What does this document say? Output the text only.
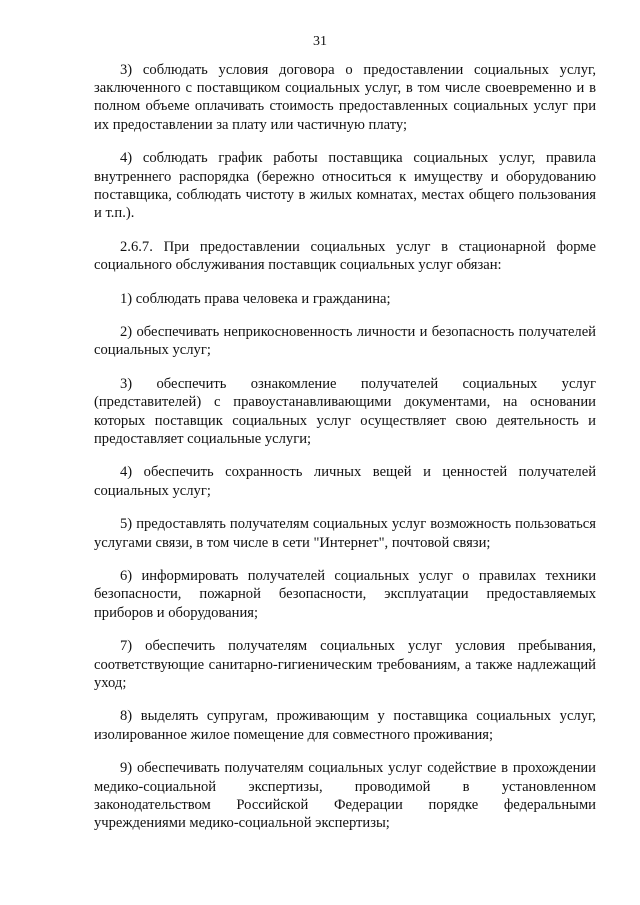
31

3) соблюдать условия договора о предоставлении социальных услуг, заключенного с поставщиком социальных услуг, в том числе своевременно и в полном объеме оплачивать стоимость предоставленных социальных услуг при их предоставлении за плату или частичную плату;

4) соблюдать график работы поставщика социальных услуг, правила внутреннего распорядка (бережно относиться к имуществу и оборудованию поставщика, соблюдать чистоту в жилых комнатах, местах общего пользования и т.п.).

2.6.7. При предоставлении социальных услуг в стационарной форме социального обслуживания поставщик социальных услуг обязан:

1) соблюдать права человека и гражданина;

2) обеспечивать неприкосновенность личности и безопасность получателей социальных услуг;

3) обеспечить ознакомление получателей социальных услуг (представителей) с правоустанавливающими документами, на основании которых поставщик социальных услуг осуществляет свою деятельность и предоставляет социальные услуги;

4) обеспечить сохранность личных вещей и ценностей получателей социальных услуг;

5) предоставлять получателям социальных услуг возможность пользоваться услугами связи, в том числе в сети "Интернет", почтовой связи;

6) информировать получателей социальных услуг о правилах техники безопасности, пожарной безопасности, эксплуатации предоставляемых приборов и оборудования;

7) обеспечить получателям социальных услуг условия пребывания, соответствующие санитарно-гигиеническим требованиям, а также надлежащий уход;

8) выделять супругам, проживающим у поставщика социальных услуг, изолированное жилое помещение для совместного проживания;

9) обеспечивать получателям социальных услуг содействие в прохождении медико-социальной экспертизы, проводимой в установленном законодательством Российской Федерации порядке федеральными учреждениями медико-социальной экспертизы;
